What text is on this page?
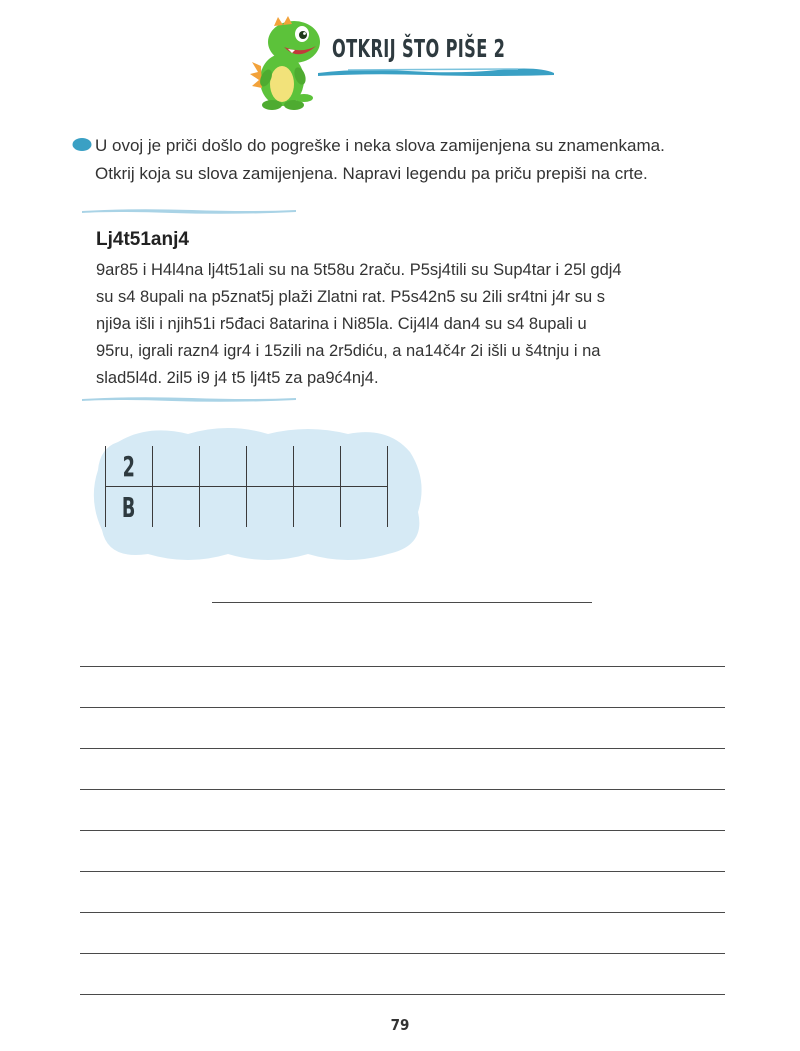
OTKRIJ ŠTO PIŠE 2
U ovoj je priči došlo do pogreške i neka slova zamijenjena su znamenkama.
Otkrij koja su slova zamijenjena. Napravi legendu pa priču prepiši na crte.
Lj4t51anj4
9ar85 i H4l4na lj4t51ali su na 5t58u 2raču. P5sj4tili su Sup4tar i 25l gdj4
su s4 8upali na p5znat5j plaži Zlatni rat. P5s42n5 su 2ili sr4tni j4r su s
nji9a išli i njih51i r5đaci 8atarina i Ni85la. Cij4l4 dan4 su s4 8upali u
95ru, igrali razn4 igr4 i 15zili na 2r5diću, a na14č4r 2i išli u š4tnju i na
slad5l4d. 2il5 i9 j4 t5 lj4t5 za pa9ć4nj4.
2					
B					
79
